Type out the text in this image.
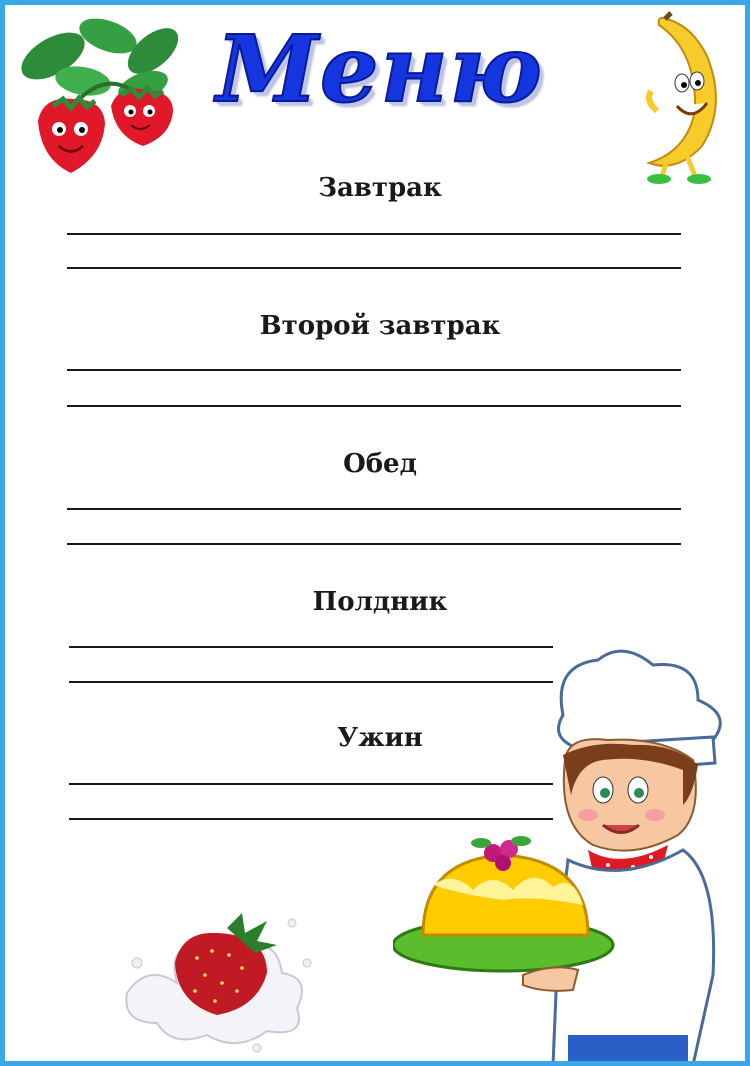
Меню
Завтрак
Второй завтрак
Обед
Полдник
Ужин
